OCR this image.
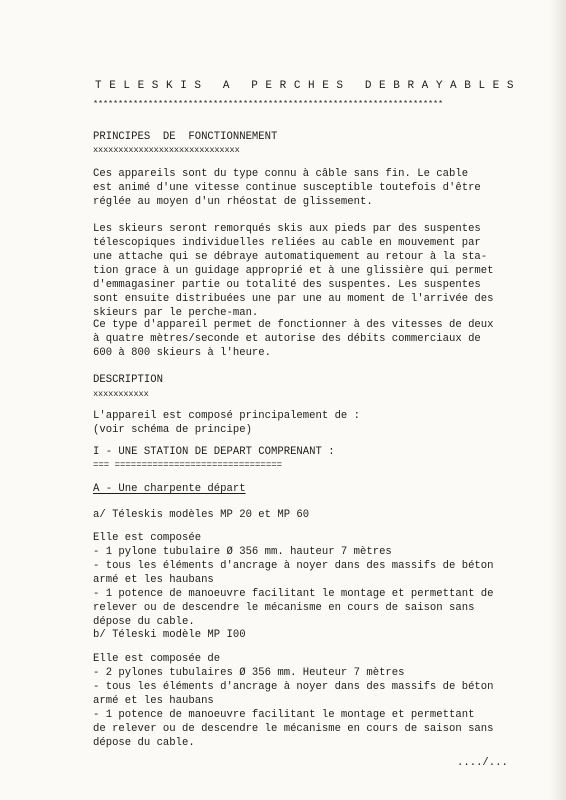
T E L E S K I S   A   P E R C H E S   D E B R A Y A B L E S
**********************************************************************
PRINCIPES  DE  FONCTIONNEMENT
xxxxxxxxxxxxxxxxxxxxxxxxxxxxx
Ces appareils sont du type connu à câble sans fin. Le cable
est animé d'une vitesse continue susceptible toutefois d'être
réglée au moyen d'un rhéostat de glissement.
Les skieurs seront remorqués skis aux pieds par des suspentes
télescopiques individuelles reliées au cable en mouvement par
une attache qui se débraye automatiquement au retour à la sta-
tion grace à un guidage approprié et à une glissière qui permet
d'emmagasiner partie ou totalité des suspentes. Les suspentes
sont ensuite distribuées une par une au moment de l'arrivée des
skieurs par le perche-man.
Ce type d'appareil permet de fonctionner à des vitesses de deux
à quatre mètres/seconde et autorise des débits commerciaux de
600 à 800 skieurs à l'heure.
DESCRIPTION
xxxxxxxxxxx
L'appareil est composé principalement de :
(voir schéma de principe)
I - UNE STATION DE DEPART COMPRENANT :
=== ===============================
A - Une charpente départ
a/ Téleskis modèles MP 20 et MP 60
Elle est composée
- 1 pylone tubulaire Ø 356 mm. hauteur 7 mètres
- tous les éléments d'ancrage à noyer dans des massifs de béton
armé et les haubans
- 1 potence de manoeuvre facilitant le montage et permettant de
relever ou de descendre le mécanisme en cours de saison sans
dépose du cable.
b/ Téleski modèle MP I00
Elle est composée de
- 2 pylones tubulaires Ø 356 mm. Heuteur 7 mètres
- tous les éléments d'ancrage à noyer dans des massifs de béton
armé et les haubans
- 1 potence de manoeuvre facilitant le montage et permettant
de relever ou de descendre le mécanisme en cours de saison sans
dépose du cable.
..../...
